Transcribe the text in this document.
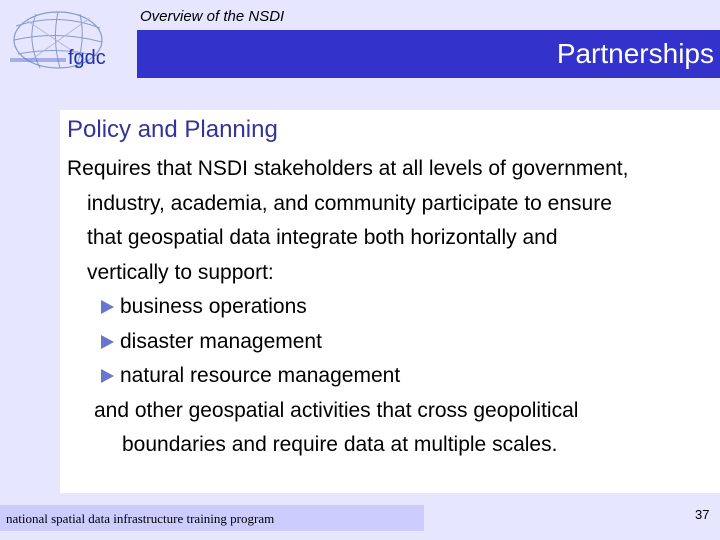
fgdc
Overview of the NSDI
Partnerships
Policy and Planning
Requires that NSDI stakeholders at all levels of government,
industry, academia, and community participate to ensure
that geospatial data integrate both horizontally and
vertically to support:
business operations
disaster management
natural resource management
and other geospatial activities that cross geopolitical
boundaries and require data at multiple scales.
national spatial data infrastructure training program	37
